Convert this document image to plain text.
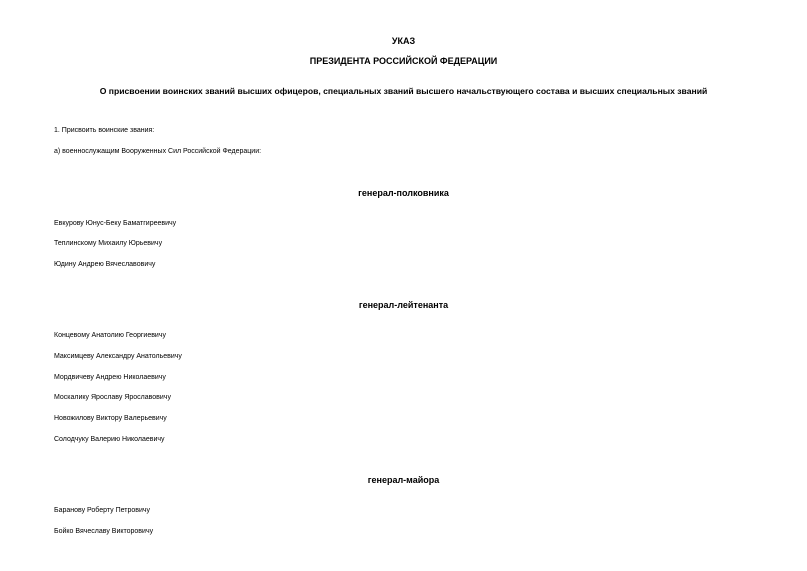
УКАЗ
ПРЕЗИДЕНТА РОССИЙСКОЙ ФЕДЕРАЦИИ
О присвоении воинских званий высших офицеров, специальных званий высшего начальствующего состава и высших специальных званий
1. Присвоить воинские звания:
а) военнослужащим Вооруженных Сил Российской Федерации:
генерал-полковника
Евкурову Юнус-Беку Баматгиреевичу
Теплинскому Михаилу Юрьевичу
Юдину Андрею Вячеславовичу
генерал-лейтенанта
Концевому Анатолию Георгиевичу
Максимцеву Александру Анатольевичу
Мордвичеву Андрею Николаевичу
Москалику Ярославу Ярославовичу
Новожилову Виктору Валерьевичу
Солодчуку Валерию Николаевичу
генерал-майора
Баранову Роберту Петровичу
Бойко Вячеславу Викторовичу
